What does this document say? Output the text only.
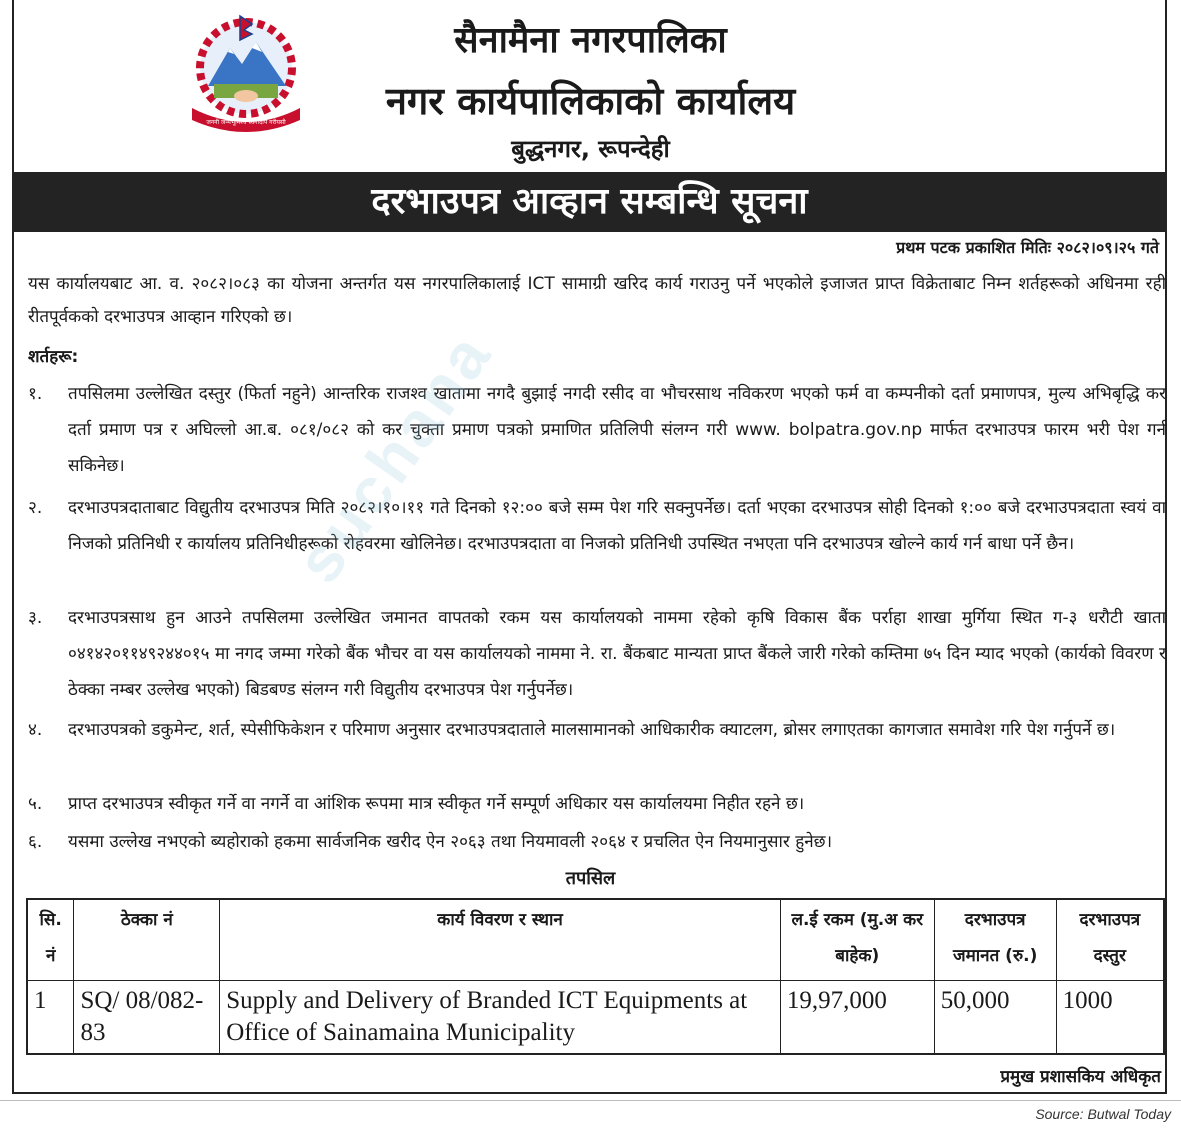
जननी जन्मभूमिश्च स्वर्गादपि गरीयसी
सैनामैना नगरपालिका
नगर कार्यपालिकाको कार्यालय
बुद्धनगर, रूपन्देही
दरभाउपत्र आव्हान सम्बन्धि सूचना
प्रथम पटक प्रकाशित मितिः २०८२।०९।२५ गते
यस कार्यालयबाट आ. व. २०८२।०८३ का योजना अन्तर्गत यस नगरपालिकालाई ICT सामाग्री खरिद कार्य गराउनु पर्ने भएकोले इजाजत प्राप्त विक्रेताबाट निम्न शर्तहरूको अधिनमा रही रीतपूर्वकको दरभाउपत्र आव्हान गरिएको छ।
शर्तहरू:
१.	तपसिलमा उल्लेखित दस्तुर (फिर्ता नहुने) आन्तरिक राजश्व खातामा नगदै बुझाई नगदी रसीद वा भौचरसाथ नविकरण भएको फर्म वा कम्पनीको दर्ता प्रमाणपत्र, मुल्य अभिबृद्धि कर दर्ता प्रमाण पत्र र अघिल्लो आ.ब. ०८१/०८२ को कर चुक्ता प्रमाण पत्रको प्रमाणित प्रतिलिपी संलग्न गरी www. bolpatra.gov.np मार्फत दरभाउपत्र फारम भरी पेश गर्न सकिनेछ।
२.	दरभाउपत्रदाताबाट विद्युतीय दरभाउपत्र मिति २०८२।१०।११ गते दिनको १२:०० बजे सम्म पेश गरि सक्नुपर्नेछ। दर्ता भएका दरभाउपत्र सोही दिनको १:०० बजे दरभाउपत्रदाता स्वयं वा निजको प्रतिनिधी र कार्यालय प्रतिनिधीहरूको रोहवरमा खोलिनेछ। दरभाउपत्रदाता वा निजको प्रतिनिधी उपस्थित नभएता पनि दरभाउपत्र खोल्ने कार्य गर्न बाधा पर्ने छैन।
३.	दरभाउपत्रसाथ हुन आउने तपसिलमा उल्लेखित जमानत वापतको रकम यस कार्यालयको नाममा रहेको कृषि विकास बैंक पर्राहा शाखा मुर्गिया स्थित ग-३ धरौटी खाता ०४१४२०११४९२४४०१५ मा नगद जम्मा गरेको बैंक भौचर वा यस कार्यालयको नाममा ने. रा. बैंकबाट मान्यता प्राप्त बैंकले जारी गरेको कम्तिमा ७५ दिन म्याद भएको (कार्यको विवरण र ठेक्का नम्बर उल्लेख भएको) बिडबण्ड संलग्न गरी विद्युतीय दरभाउपत्र पेश गर्नुपर्नेछ।
४.	दरभाउपत्रको डकुमेन्ट, शर्त, स्पेसीफिकेशन र परिमाण अनुसार दरभाउपत्रदाताले मालसामानको आधिकारीक क्याटलग, ब्रोसर लगाएतका कागजात समावेश गरि पेश गर्नुपर्ने छ।
५.	प्राप्त दरभाउपत्र स्वीकृत गर्ने वा नगर्ने वा आंशिक रूपमा मात्र स्वीकृत गर्ने सम्पूर्ण अधिकार यस कार्यालयमा निहीत रहने छ।
६.	यसमा उल्लेख नभएको ब्यहोराको हकमा सार्वजनिक खरीद ऐन २०६३ तथा नियमावली २०६४ र प्रचलित ऐन नियमानुसार हुनेछ।
तपसिल
सि. नं	ठेक्का नं	कार्य विवरण र स्थान	ल.ई रकम (मु.अ कर बाहेक)	दरभाउपत्र जमानत (रु.)	दरभाउपत्र दस्तुर
1	SQ/ 08/082-83	Supply and Delivery of Branded ICT Equipments at Office of Sainamaina Municipality	19,97,000	50,000	1000
प्रमुख प्रशासकिय अधिकृत
Source: Butwal Today
suchana
